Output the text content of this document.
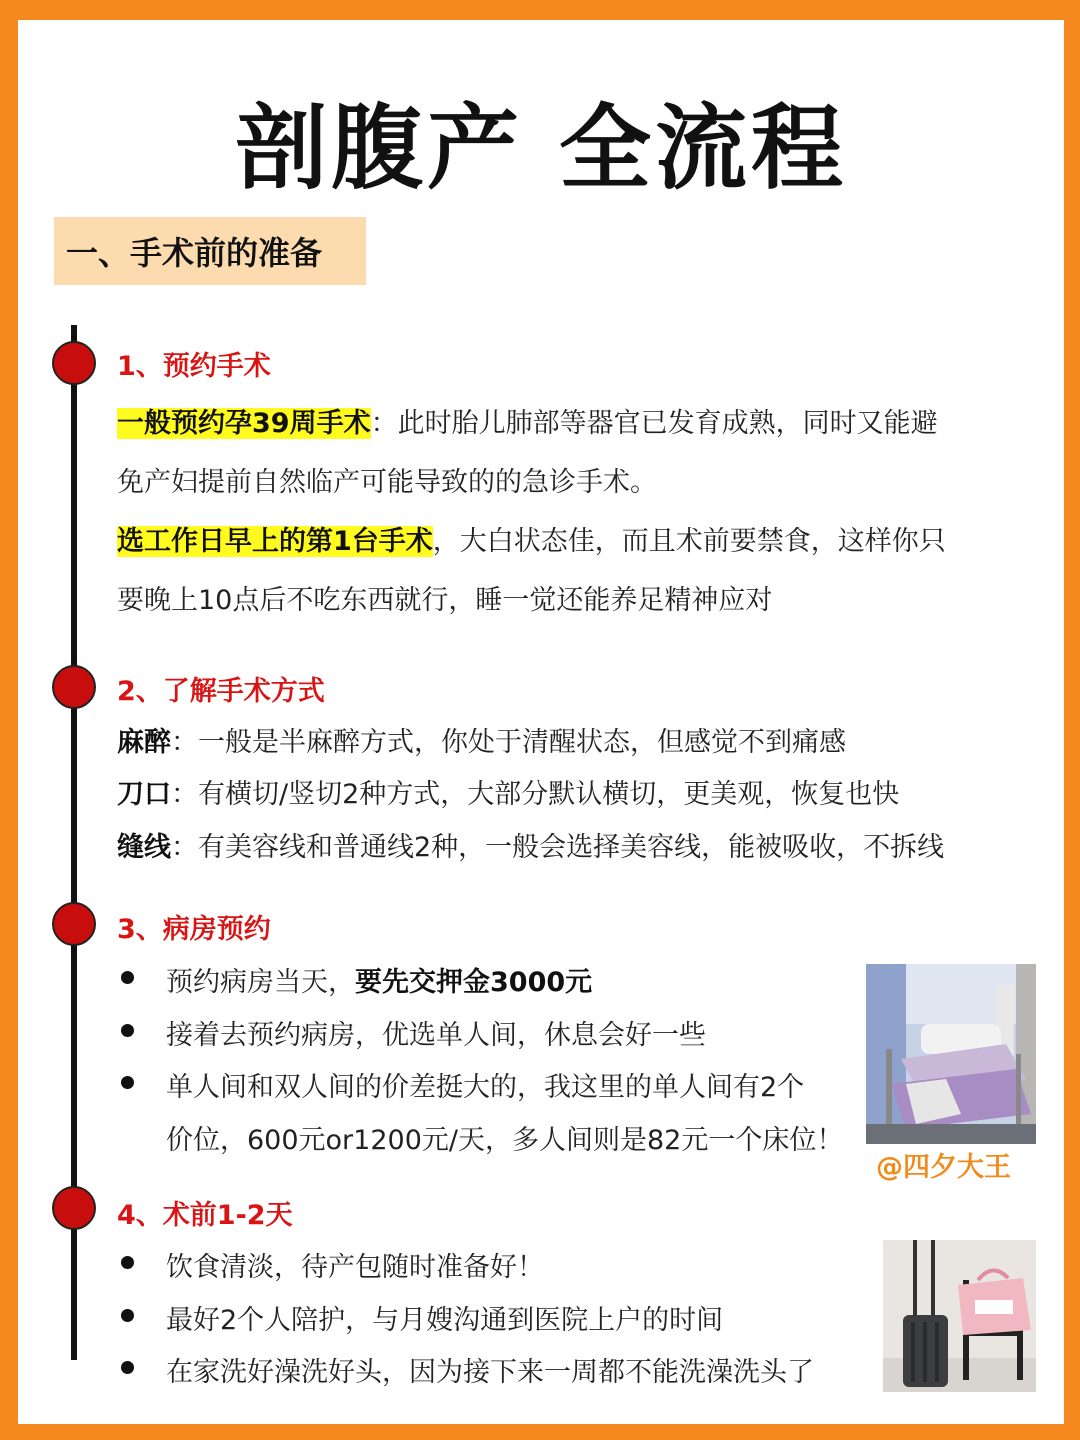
剖腹产 全流程
一、手术前的准备
1、预约手术
一般预约孕39周手术：此时胎儿肺部等器官已发育成熟，同时又能避
免产妇提前自然临产可能导致的的急诊手术。
选工作日早上的第1台手术，大白状态佳，而且术前要禁食，这样你只
要晚上10点后不吃东西就行，睡一觉还能养足精神应对
2、了解手术方式
麻醉：一般是半麻醉方式，你处于清醒状态，但感觉不到痛感
刀口：有横切/竖切2种方式，大部分默认横切，更美观，恢复也快
缝线：有美容线和普通线2种，一般会选择美容线，能被吸收，不拆线
3、病房预约
预约病房当天，要先交押金3000元
接着去预约病房，优选单人间，休息会好一些
单人间和双人间的价差挺大的，我这里的单人间有2个
价位，600元or1200元/天，多人间则是82元一个床位！
@四夕大王
4、术前1-2天
饮食清淡，待产包随时准备好！
最好2个人陪护，与月嫂沟通到医院上户的时间
在家洗好澡洗好头，因为接下来一周都不能洗澡洗头了
